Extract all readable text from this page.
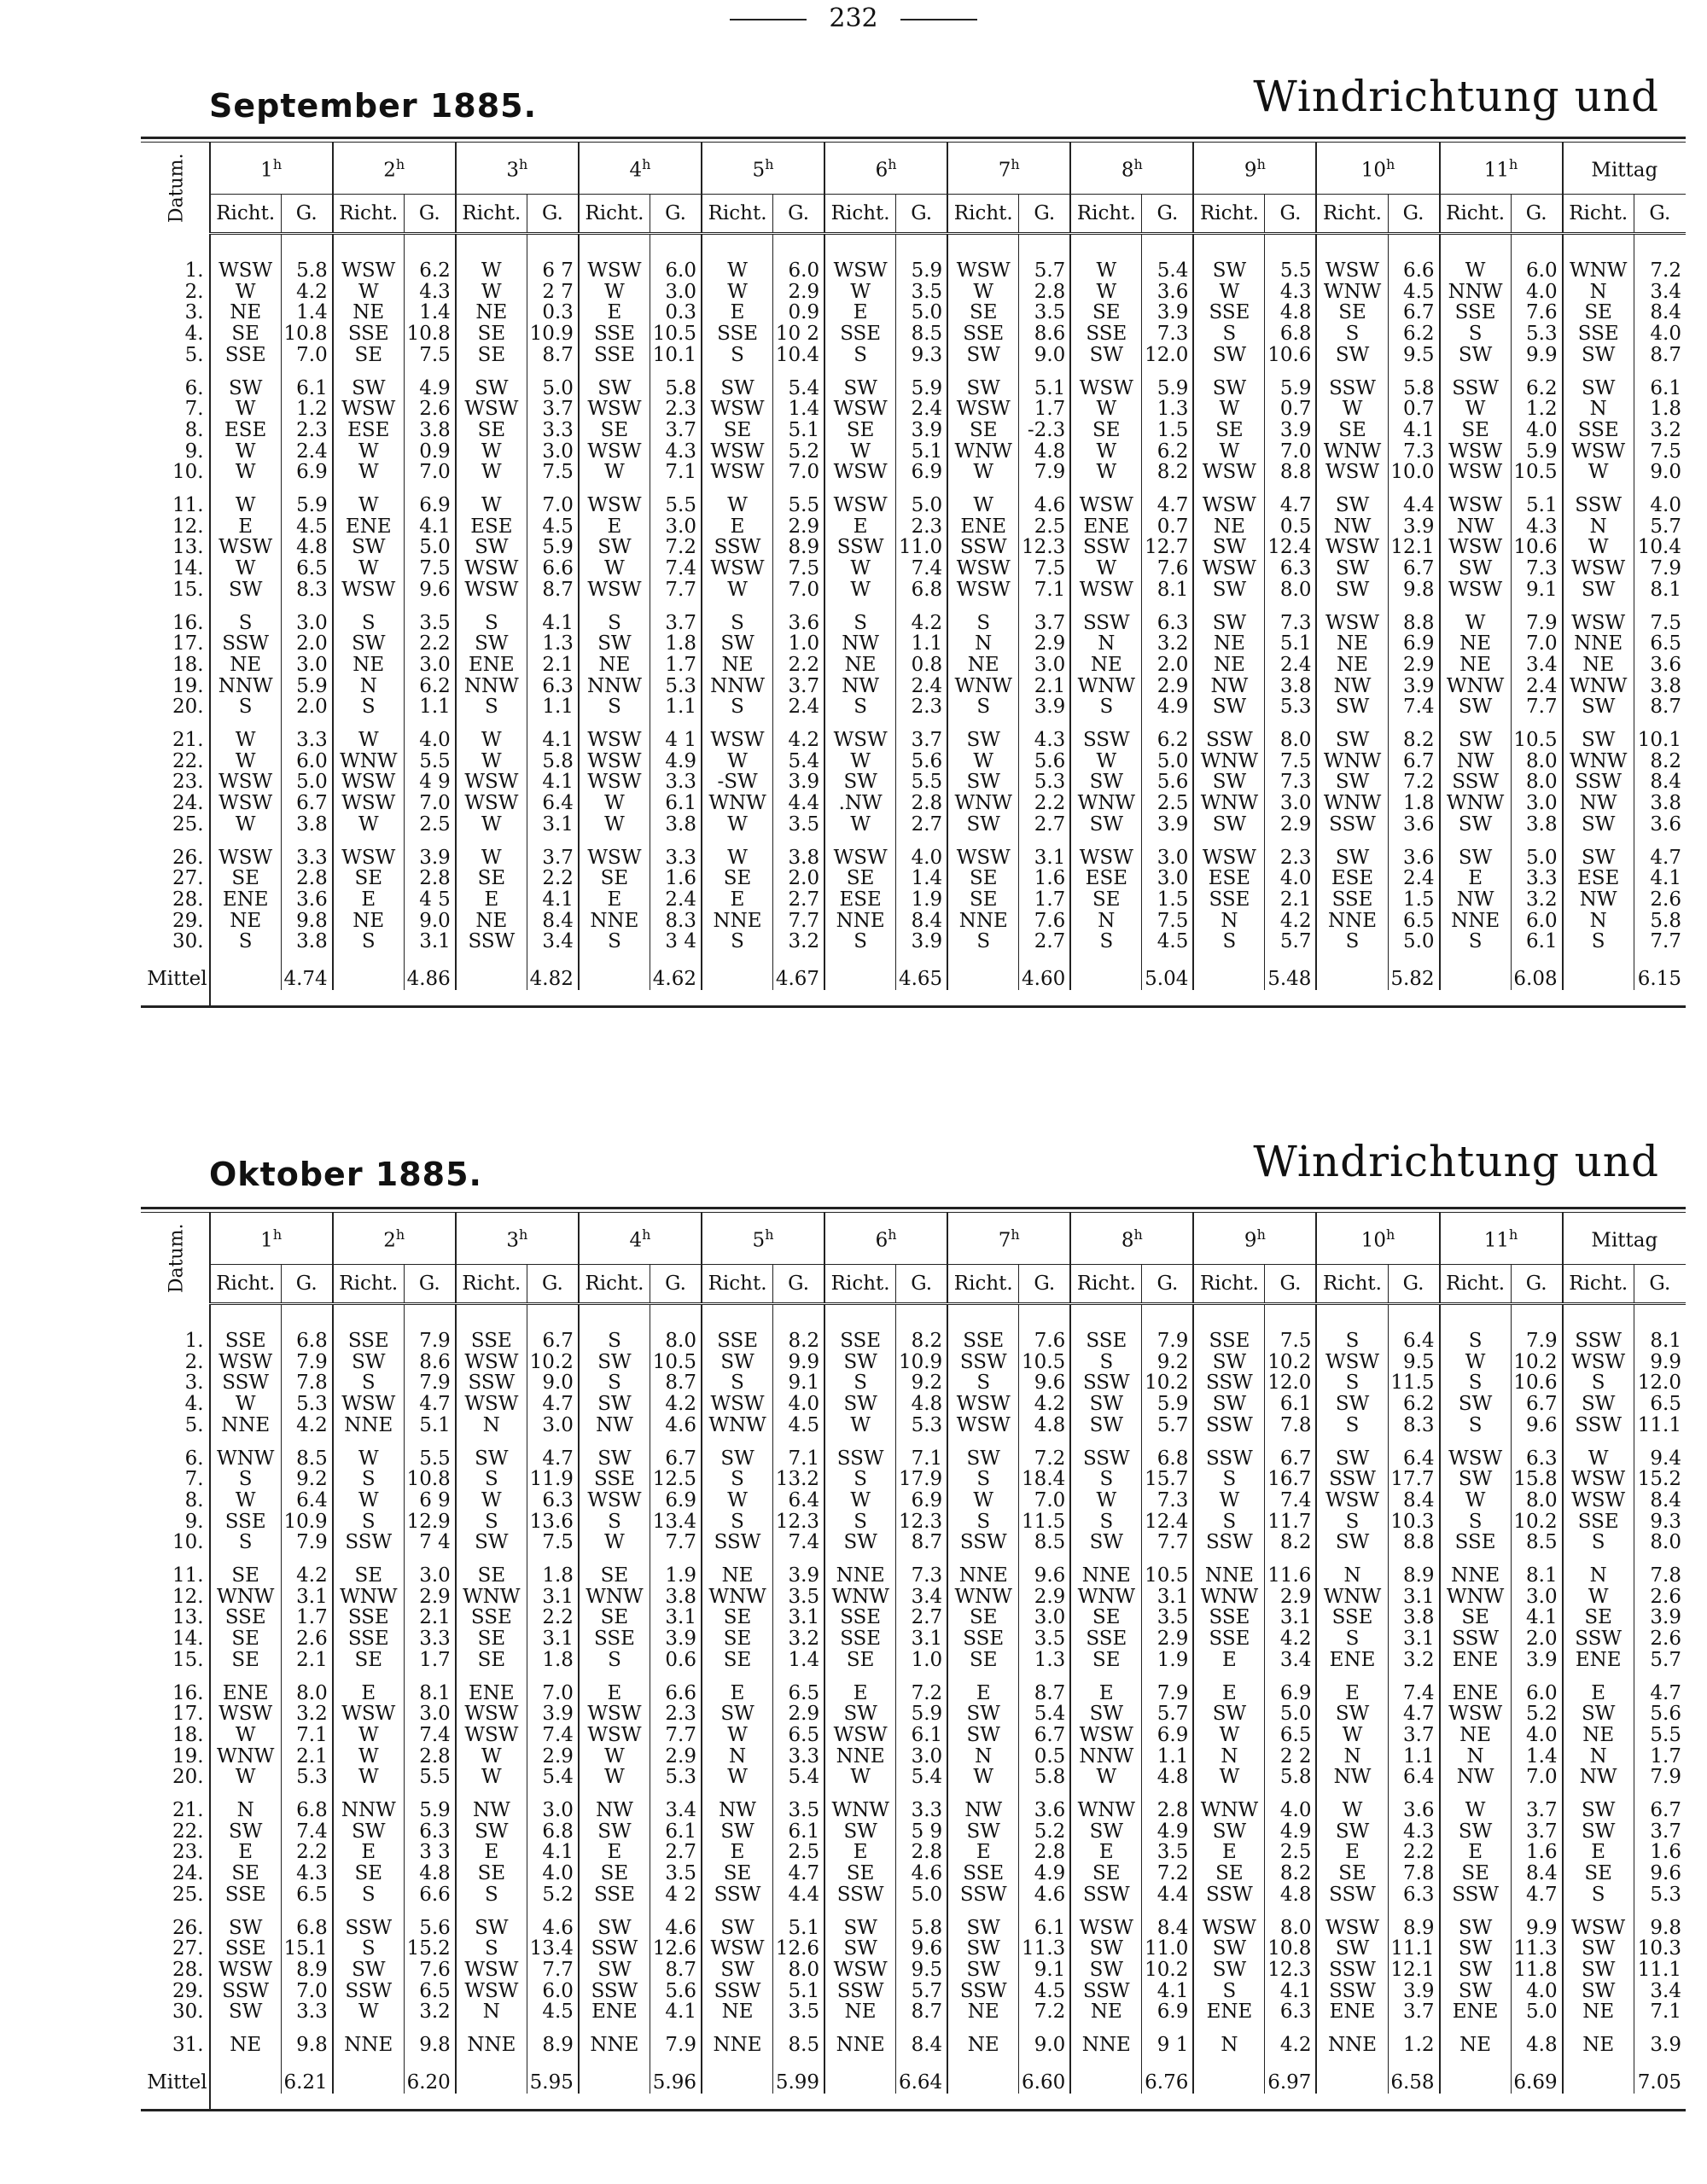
232
September 1885.	Windrichtung und
Datum.	1$^h$		2$^h$		3$^h$		4$^h$		5$^h$		6$^h$		7$^h$		8$^h$		9$^h$		10$^h$		11$^h$		Mittag	
	Richt.	G.	Richt.	G.	Richt.	G.	Richt.	G.	Richt.	G.	Richt.	G.	Richt.	G.	Richt.	G.	Richt.	G.	Richt.	G.	Richt.	G.	Richt.	G.

1.	WSW	5.8	WSW	6.2	W	6 7	WSW	6.0	W	6.0	WSW	5.9	WSW	5.7	W	5.4	SW	5.5	WSW	6.6	W	6.0	WNW	7.2
2.	W	4.2	W	4.3	W	2 7	W	3.0	W	2.9	W	3.5	W	2.8	W	3.6	W	4.3	WNW	4.5	NNW	4.0	N	3.4
3.	NE	1.4	NE	1.4	NE	0.3	E	0.3	E	0.9	E	5.0	SE	3.5	SE	3.9	SSE	4.8	SE	6.7	SSE	7.6	SE	8.4
4.	SE	10.8	SSE	10.8	SE	10.9	SSE	10.5	SSE	10 2	SSE	8.5	SSE	8.6	SSE	7.3	S	6.8	S	6.2	S	5.3	SSE	4.0
5.	SSE	7.0	SE	7.5	SE	8.7	SSE	10.1	S	10.4	S	9.3	SW	9.0	SW	12.0	SW	10.6	SW	9.5	SW	9.9	SW	8.7

6.	SW	6.1	SW	4.9	SW	5.0	SW	5.8	SW	5.4	SW	5.9	SW	5.1	WSW	5.9	SW	5.9	SSW	5.8	SSW	6.2	SW	6.1
7.	W	1.2	WSW	2.6	WSW	3.7	WSW	2.3	WSW	1.4	WSW	2.4	WSW	1.7	W	1.3	W	0.7	W	0.7	W	1.2	N	1.8
8.	ESE	2.3	ESE	3.8	SE	3.3	SE	3.7	SE	5.1	SE	3.9	SE	-2.3	SE	1.5	SE	3.9	SE	4.1	SE	4.0	SSE	3.2
9.	W	2.4	W	0.9	W	3.0	WSW	4.3	WSW	5.2	W	5.1	WNW	4.8	W	6.2	W	7.0	WNW	7.3	WSW	5.9	WSW	7.5
10.	W	6.9	W	7.0	W	7.5	W	7.1	WSW	7.0	WSW	6.9	W	7.9	W	8.2	WSW	8.8	WSW	10.0	WSW	10.5	W	9.0

11.	W	5.9	W	6.9	W	7.0	WSW	5.5	W	5.5	WSW	5.0	W	4.6	WSW	4.7	WSW	4.7	SW	4.4	WSW	5.1	SSW	4.0
12.	E	4.5	ENE	4.1	ESE	4.5	E	3.0	E	2.9	E	2.3	ENE	2.5	ENE	0.7	NE	0.5	NW	3.9	NW	4.3	N	5.7
13.	WSW	4.8	SW	5.0	SW	5.9	SW	7.2	SSW	8.9	SSW	11.0	SSW	12.3	SSW	12.7	SW	12.4	WSW	12.1	WSW	10.6	W	10.4
14.	W	6.5	W	7.5	WSW	6.6	W	7.4	WSW	7.5	W	7.4	WSW	7.5	W	7.6	WSW	6.3	SW	6.7	SW	7.3	WSW	7.9
15.	SW	8.3	WSW	9.6	WSW	8.7	WSW	7.7	W	7.0	W	6.8	WSW	7.1	WSW	8.1	SW	8.0	SW	9.8	WSW	9.1	SW	8.1

16.	S	3.0	S	3.5	S	4.1	S	3.7	S	3.6	S	4.2	S	3.7	SSW	6.3	SW	7.3	WSW	8.8	W	7.9	WSW	7.5
17.	SSW	2.0	SW	2.2	SW	1.3	SW	1.8	SW	1.0	NW	1.1	N	2.9	N	3.2	NE	5.1	NE	6.9	NE	7.0	NNE	6.5
18.	NE	3.0	NE	3.0	ENE	2.1	NE	1.7	NE	2.2	NE	0.8	NE	3.0	NE	2.0	NE	2.4	NE	2.9	NE	3.4	NE	3.6
19.	NNW	5.9	N	6.2	NNW	6.3	NNW	5.3	NNW	3.7	NW	2.4	WNW	2.1	WNW	2.9	NW	3.8	NW	3.9	WNW	2.4	WNW	3.8
20.	S	2.0	S	1.1	S	1.1	S	1.1	S	2.4	S	2.3	S	3.9	S	4.9	SW	5.3	SW	7.4	SW	7.7	SW	8.7

21.	W	3.3	W	4.0	W	4.1	WSW	4 1	WSW	4.2	WSW	3.7	SW	4.3	SSW	6.2	SSW	8.0	SW	8.2	SW	10.5	SW	10.1
22.	W	6.0	WNW	5.5	W	5.8	WSW	4.9	W	5.4	W	5.6	W	5.6	W	5.0	WNW	7.5	WNW	6.7	NW	8.0	WNW	8.2
23.	WSW	5.0	WSW	4 9	WSW	4.1	WSW	3.3	-SW	3.9	SW	5.5	SW	5.3	SW	5.6	SW	7.3	SW	7.2	SSW	8.0	SSW	8.4
24.	WSW	6.7	WSW	7.0	WSW	6.4	W	6.1	WNW	4.4	.NW	2.8	WNW	2.2	WNW	2.5	WNW	3.0	WNW	1.8	WNW	3.0	NW	3.8
25.	W	3.8	W	2.5	W	3.1	W	3.8	W	3.5	W	2.7	SW	2.7	SW	3.9	SW	2.9	SSW	3.6	SW	3.8	SW	3.6

26.	WSW	3.3	WSW	3.9	W	3.7	WSW	3.3	W	3.8	WSW	4.0	WSW	3.1	WSW	3.0	WSW	2.3	SW	3.6	SW	5.0	SW	4.7
27.	SE	2.8	SE	2.8	SE	2.2	SE	1.6	SE	2.0	SE	1.4	SE	1.6	ESE	3.0	ESE	4.0	ESE	2.4	E	3.3	ESE	4.1
28.	ENE	3.6	E	4 5	E	4.1	E	2.4	E	2.7	ESE	1.9	SE	1.7	SE	1.5	SSE	2.1	SSE	1.5	NW	3.2	NW	2.6
29.	NE	9.8	NE	9.0	NE	8.4	NNE	8.3	NNE	7.7	NNE	8.4	NNE	7.6	N	7.5	N	4.2	NNE	6.5	NNE	6.0	N	5.8
30.	S	3.8	S	3.1	SSW	3.4	S	3 4	S	3.2	S	3.9	S	2.7	S	4.5	S	5.7	S	5.0	S	6.1	S	7.7
Mittel		4.74		4.86		4.82		4.62		4.67		4.65		4.60		5.04		5.48		5.82		6.08		6.15

Oktober 1885.	Windrichtung und
Datum.	1$^h$		2$^h$		3$^h$		4$^h$		5$^h$		6$^h$		7$^h$		8$^h$		9$^h$		10$^h$		11$^h$		Mittag	
	Richt.	G.	Richt.	G.	Richt.	G.	Richt.	G.	Richt.	G.	Richt.	G.	Richt.	G.	Richt.	G.	Richt.	G.	Richt.	G.	Richt.	G.	Richt.	G.

1.	SSE	6.8	SSE	7.9	SSE	6.7	S	8.0	SSE	8.2	SSE	8.2	SSE	7.6	SSE	7.9	SSE	7.5	S	6.4	S	7.9	SSW	8.1
2.	WSW	7.9	SW	8.6	WSW	10.2	SW	10.5	SW	9.9	SW	10.9	SSW	10.5	S	9.2	SW	10.2	WSW	9.5	W	10.2	WSW	9.9
3.	SSW	7.8	S	7.9	SSW	9.0	S	8.7	S	9.1	S	9.2	S	9.6	SSW	10.2	SSW	12.0	S	11.5	S	10.6	S	12.0
4.	W	5.3	WSW	4.7	WSW	4.7	SW	4.2	WSW	4.0	SW	4.8	WSW	4.2	SW	5.9	SW	6.1	SW	6.2	SW	6.7	SW	6.5
5.	NNE	4.2	NNE	5.1	N	3.0	NW	4.6	WNW	4.5	W	5.3	WSW	4.8	SW	5.7	SSW	7.8	S	8.3	S	9.6	SSW	11.1

6.	WNW	8.5	W	5.5	SW	4.7	SW	6.7	SW	7.1	SSW	7.1	SW	7.2	SSW	6.8	SSW	6.7	SW	6.4	WSW	6.3	W	9.4
7.	S	9.2	S	10.8	S	11.9	SSE	12.5	S	13.2	S	17.9	S	18.4	S	15.7	S	16.7	SSW	17.7	SW	15.8	WSW	15.2
8.	W	6.4	W	6 9	W	6.3	WSW	6.9	W	6.4	W	6.9	W	7.0	W	7.3	W	7.4	WSW	8.4	W	8.0	WSW	8.4
9.	SSE	10.9	S	12.9	S	13.6	S	13.4	S	12.3	S	12.3	S	11.5	S	12.4	S	11.7	S	10.3	S	10.2	SSE	9.3
10.	S	7.9	SSW	7 4	SW	7.5	W	7.7	SSW	7.4	SW	8.7	SSW	8.5	SW	7.7	SSW	8.2	SW	8.8	SSE	8.5	S	8.0

11.	SE	4.2	SE	3.0	SE	1.8	SE	1.9	NE	3.9	NNE	7.3	NNE	9.6	NNE	10.5	NNE	11.6	N	8.9	NNE	8.1	N	7.8
12.	WNW	3.1	WNW	2.9	WNW	3.1	WNW	3.8	WNW	3.5	WNW	3.4	WNW	2.9	WNW	3.1	WNW	2.9	WNW	3.1	WNW	3.0	W	2.6
13.	SSE	1.7	SSE	2.1	SSE	2.2	SE	3.1	SE	3.1	SSE	2.7	SE	3.0	SE	3.5	SSE	3.1	SSE	3.8	SE	4.1	SE	3.9
14.	SE	2.6	SSE	3.3	SE	3.1	SSE	3.9	SE	3.2	SSE	3.1	SSE	3.5	SSE	2.9	SSE	4.2	S	3.1	SSW	2.0	SSW	2.6
15.	SE	2.1	SE	1.7	SE	1.8	S	0.6	SE	1.4	SE	1.0	SE	1.3	SE	1.9	E	3.4	ENE	3.2	ENE	3.9	ENE	5.7

16.	ENE	8.0	E	8.1	ENE	7.0	E	6.6	E	6.5	E	7.2	E	8.7	E	7.9	E	6.9	E	7.4	ENE	6.0	E	4.7
17.	WSW	3.2	WSW	3.0	WSW	3.9	WSW	2.3	SW	2.9	SW	5.9	SW	5.4	SW	5.7	SW	5.0	SW	4.7	WSW	5.2	SW	5.6
18.	W	7.1	W	7.4	WSW	7.4	WSW	7.7	W	6.5	WSW	6.1	SW	6.7	WSW	6.9	W	6.5	W	3.7	NE	4.0	NE	5.5
19.	WNW	2.1	W	2.8	W	2.9	W	2.9	N	3.3	NNE	3.0	N	0.5	NNW	1.1	N	2 2	N	1.1	N	1.4	N	1.7
20.	W	5.3	W	5.5	W	5.4	W	5.3	W	5.4	W	5.4	W	5.8	W	4.8	W	5.8	NW	6.4	NW	7.0	NW	7.9

21.	N	6.8	NNW	5.9	NW	3.0	NW	3.4	NW	3.5	WNW	3.3	NW	3.6	WNW	2.8	WNW	4.0	W	3.6	W	3.7	SW	6.7
22.	SW	7.4	SW	6.3	SW	6.8	SW	6.1	SW	6.1	SW	5 9	SW	5.2	SW	4.9	SW	4.9	SW	4.3	SW	3.7	SW	3.7
23.	E	2.2	E	3 3	E	4.1	E	2.7	E	2.5	E	2.8	E	2.8	E	3.5	E	2.5	E	2.2	E	1.6	E	1.6
24.	SE	4.3	SE	4.8	SE	4.0	SE	3.5	SE	4.7	SE	4.6	SSE	4.9	SE	7.2	SE	8.2	SE	7.8	SE	8.4	SE	9.6
25.	SSE	6.5	S	6.6	S	5.2	SSE	4 2	SSW	4.4	SSW	5.0	SSW	4.6	SSW	4.4	SSW	4.8	SSW	6.3	SSW	4.7	S	5.3

26.	SW	6.8	SSW	5.6	SW	4.6	SW	4.6	SW	5.1	SW	5.8	SW	6.1	WSW	8.4	WSW	8.0	WSW	8.9	SW	9.9	WSW	9.8
27.	SSE	15.1	S	15.2	S	13.4	SSW	12.6	WSW	12.6	SW	9.6	SW	11.3	SW	11.0	SW	10.8	SW	11.1	SW	11.3	SW	10.3
28.	WSW	8.9	SW	7.6	WSW	7.7	SW	8.7	SW	8.0	WSW	9.5	SW	9.1	SW	10.2	SW	12.3	SSW	12.1	SW	11.8	SW	11.1
29.	SSW	7.0	SSW	6.5	WSW	6.0	SSW	5.6	SSW	5.1	SSW	5.7	SSW	4.5	SSW	4.1	S	4.1	SSW	3.9	SW	4.0	SW	3.4
30.	SW	3.3	W	3.2	N	4.5	ENE	4.1	NE	3.5	NE	8.7	NE	7.2	NE	6.9	ENE	6.3	ENE	3.7	ENE	5.0	NE	7.1

31.	NE	9.8	NNE	9.8	NNE	8.9	NNE	7.9	NNE	8.5	NNE	8.4	NE	9.0	NNE	9 1	N	4.2	NNE	1.2	NE	4.8	NE	3.9
Mittel		6.21		6.20		5.95		5.96		5.99		6.64		6.60		6.76		6.97		6.58		6.69		7.05
